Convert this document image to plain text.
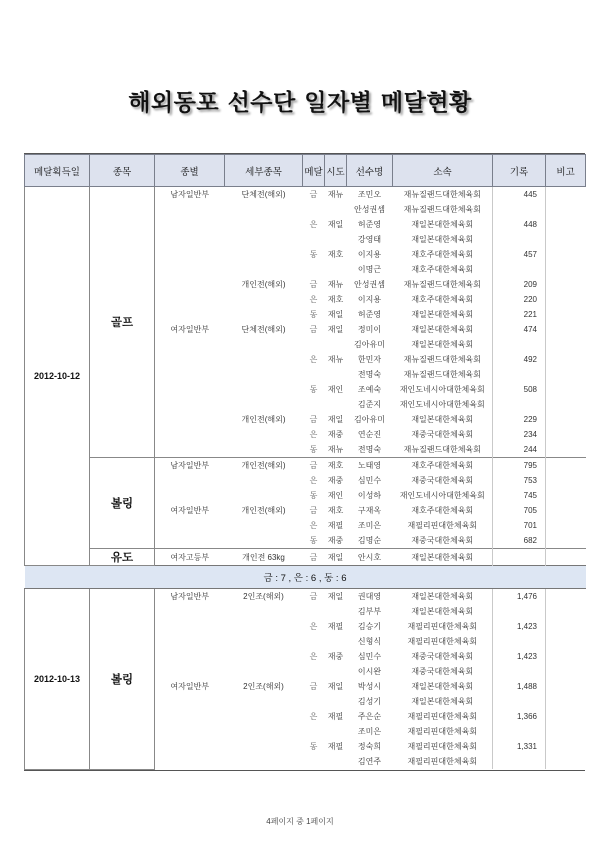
해외동포 선수단 일자별 메달현황
메달획득일	종목	종별	세부종목	메달	시도	선수명	소속	기록	비고
2012-10-12	골프	남자일반부	단체전(해외)	금	재뉴	조민오	재뉴질랜드대한체육회	445	
						안성권셈	재뉴질랜드대한체육회		
				은	재일	허준영	재일본대한체육회	448	
						강영태	재일본대한체육회		
				동	재호	이지용	재호주대한체육회	457	
						이명근	재호주대한체육회		
			개인전(해외)	금	재뉴	안성권셈	재뉴질랜드대한체육회	209	
				은	재호	이지용	재호주대한체육회	220	
				동	재일	허준영	재일본대한체육회	221	
		여자일반부	단체전(해외)	금	재일	정미이	재일본대한체육회	474	
						김아유미	재일본대한체육회		
				은	재뉴	한민자	재뉴질랜드대한체육회	492	
						전명숙	재뉴질랜드대한체육회		
				동	재인	조예숙	재인도네시아대한체육회	508	
						김준지	재인도네시아대한체육회		
			개인전(해외)	금	재일	김아유미	재일본대한체육회	229	
				은	재중	연순진	재중국대한체육회	234	
				동	재뉴	전명숙	재뉴질랜드대한체육회	244	
	볼링	남자일반부	개인전(해외)	금	재호	노태영	재호주대한체육회	795	
				은	재중	심민수	재중국대한체육회	753	
				동	재인	이성하	재인도네시아대한체육회	745	
		여자일반부	개인전(해외)	금	재호	구재옥	재호주대한체육회	705	
				은	재필	조미은	재필리핀대한체육회	701	
				동	재중	김명순	재중국대한체육회	682	
	유도	여자고등부	개인전 63kg	금	재일	안시호	재일본대한체육회		
금 : 7 , 은 : 6 , 동 : 6									
2012-10-13	볼링	남자일반부	2인조(해외)	금	재일	권대영	재일본대한체육회	1,476	
						김부부	재일본대한체육회		
				은	재필	김승기	재필리핀대한체육회	1,423	
						신형식	재필리핀대한체육회		
				은	재중	심민수	재중국대한체육회	1,423	
						이시완	재중국대한체육회		
		여자일반부	2인조(해외)	금	재일	박성시	재일본대한체육회	1,488	
						김성기	재일본대한체육회		
				은	재필	주은순	재필리핀대한체육회	1,366	
						조미은	재필리핀대한체육회		
				동	재필	정숙희	재필리핀대한체육회	1,331	
						김연주	재필리핀대한체육회		
4페이지 중 1페이지
